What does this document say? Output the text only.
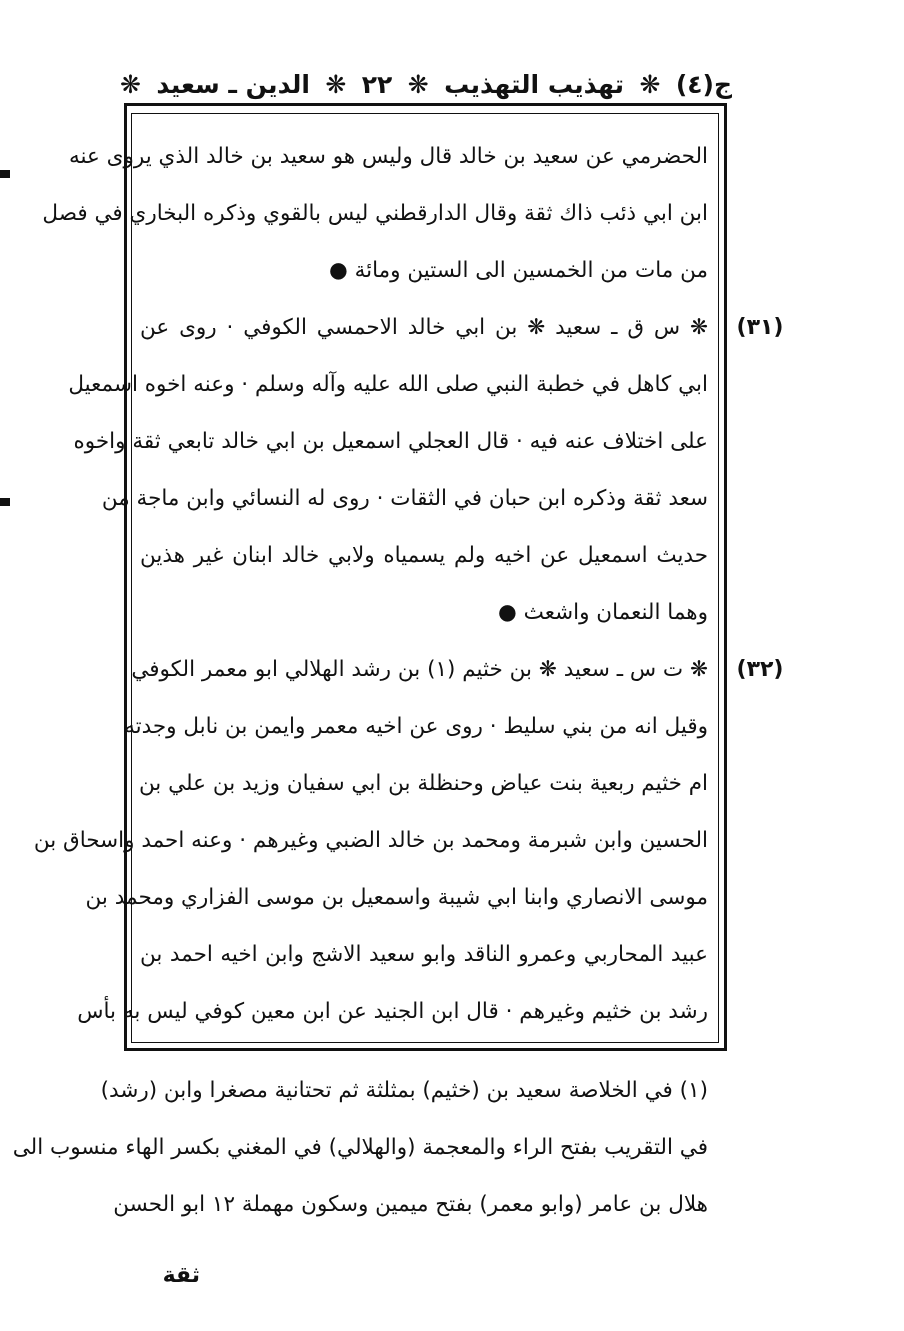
ج(٤)
❋
تهذيب التهذيب
❋
٢٢
❋
الدين ـ سعيد
❋
الحضرمي عن سعيد بن خالد قال وليس هو سعيد بن خالد الذي يروى عنه
ابن ابي ذئب ذاك ثقة وقال الدارقطني ليس بالقوي وذكره البخاري في فصل
من مات من الخمسين الى الستين ومائة ●
❋ س ق ـ سعيد ❋ بن ابي خالد الاحمسي الكوفي · روى عن
ابي كاهل في خطبة النبي صلى الله عليه وآله وسلم · وعنه اخوه اسمعيل
على اختلاف عنه فيه · قال العجلي اسمعيل بن ابي خالد تابعي ثقة واخوه
سعد ثقة وذكره ابن حبان في الثقات · روى له النسائي وابن ماجة من
حديث اسمعيل عن اخيه ولم يسمياه ولابي خالد ابنان غير هذين
وهما النعمان واشعث ●
❋ ت س ـ سعيد ❋ بن خثيم (١) بن رشد الهلالي ابو معمر الكوفي
وقيل انه من بني سليط · روى عن اخيه معمر وايمن بن نابل وجدته
ام خثيم ربعية بنت عياض وحنظلة بن ابي سفيان وزيد بن علي بن
الحسين وابن شبرمة ومحمد بن خالد الضبي وغيرهم · وعنه احمد واسحاق بن
موسى الانصاري وابنا ابي شيبة واسمعيل بن موسى الفزاري ومحمد بن
عبيد المحاربي وعمرو الناقد وابو سعيد الاشج وابن اخيه احمد بن
رشد بن خثيم وغيرهم · قال ابن الجنيد عن ابن معين كوفي ليس به بأس
(٣١)
(٣٢)
(١) في الخلاصة سعيد بن (خثيم) بمثلثة ثم تحتانية مصغرا وابن (رشد)
في التقريب بفتح الراء والمعجمة (والهلالي) في المغني بكسر الهاء منسوب الى
هلال بن عامر (وابو معمر) بفتح ميمين وسكون مهملة ١٢ ابو الحسن
ثقة
